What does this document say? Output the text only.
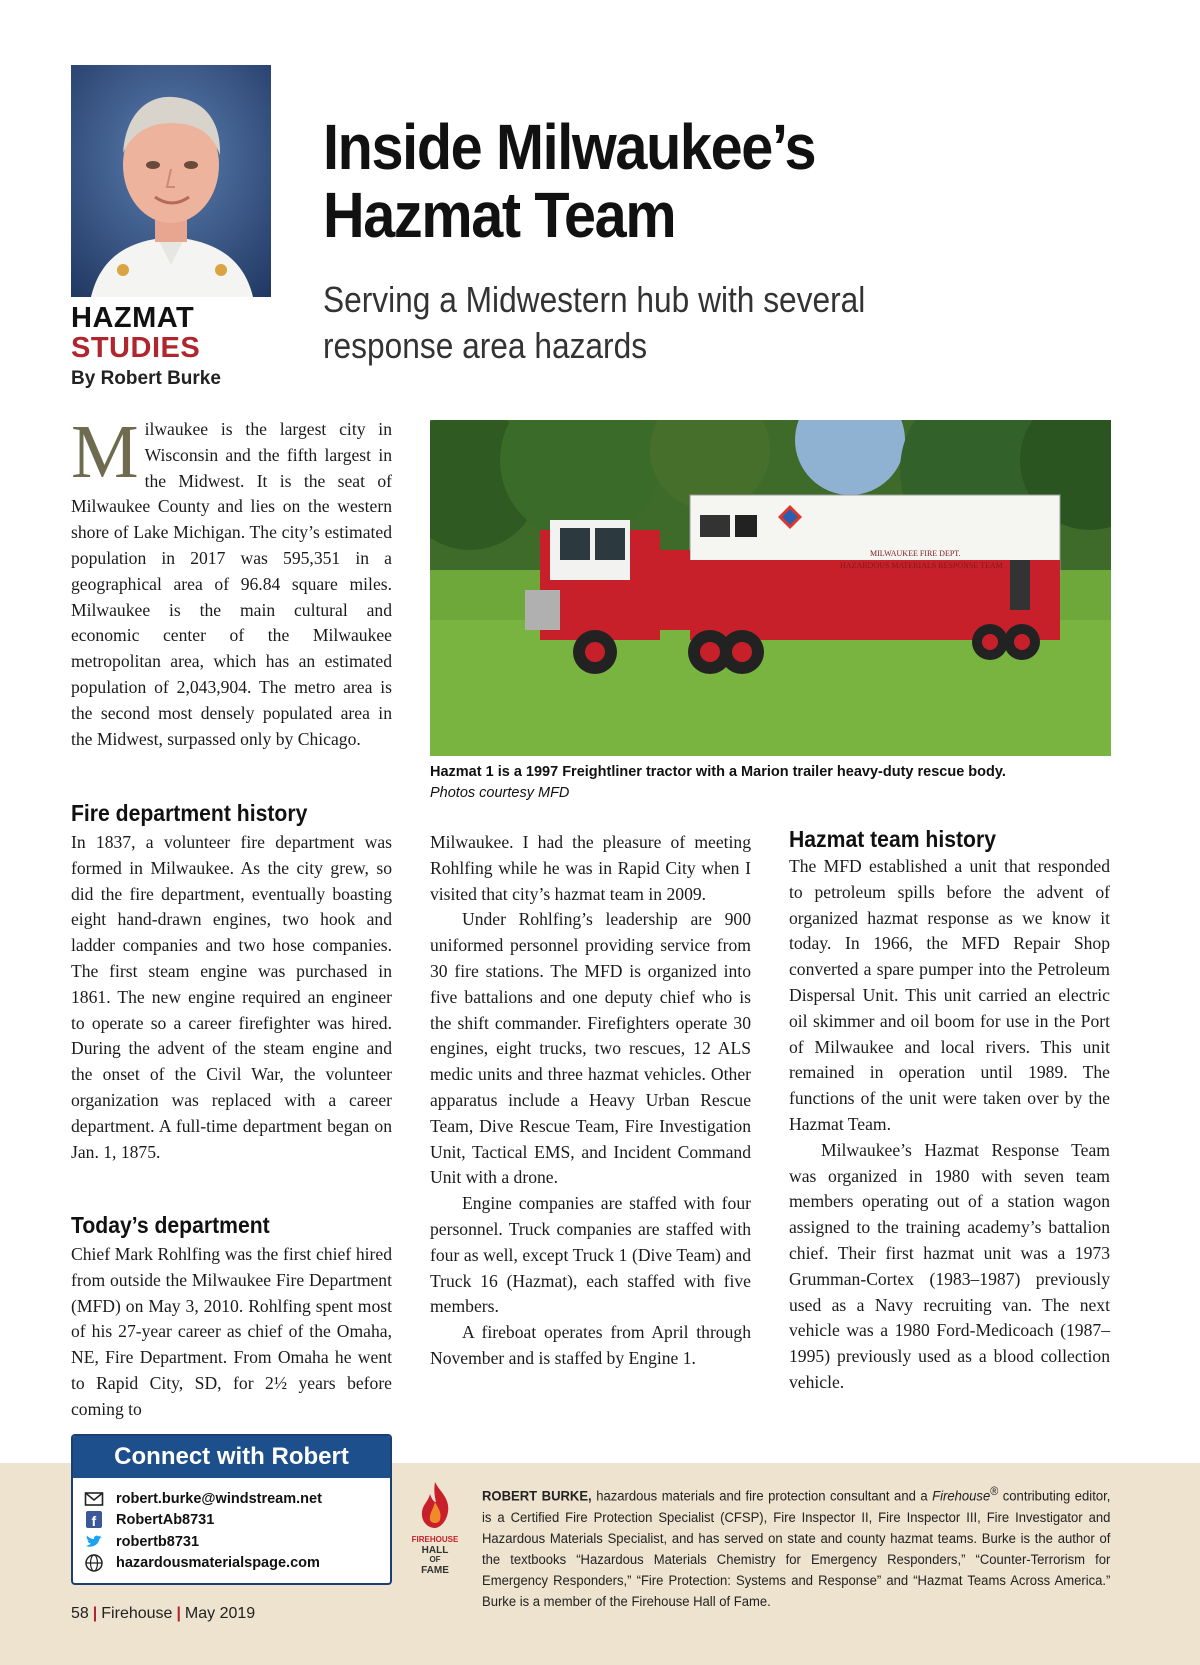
HAZMAT
STUDIES
By Robert Burke
Inside Milwaukee’s
Hazmat Team
Serving a Midwestern hub with several
response area hazards

Milwaukee is the largest city in Wisconsin and the fifth largest in the Midwest. It is the seat of Milwaukee County and lies on the western shore of Lake Michigan. The city’s estimated population in 2017 was 595,351 in a geographical area of 96.84 square miles. Milwaukee is the main cultural and economic center of the Milwaukee metropolitan area, which has an estimated population of 2,043,904. The metro area is the second most densely populated area in the Midwest, surpassed only by Chicago.

Fire department history

In 1837, a volunteer fire department was formed in Milwaukee. As the city grew, so did the fire department, eventually boasting eight hand-drawn engines, two hook and ladder companies and two hose companies. The first steam engine was purchased in 1861. The new engine required an engineer to operate so a career firefighter was hired. During the advent of the steam engine and the onset of the Civil War, the volunteer organization was replaced with a career department. A full-time department began on Jan. 1, 1875.

Today’s department

Chief Mark Rohlfing was the first chief hired from outside the Milwaukee Fire Department (MFD) on May 3, 2010. Rohlfing spent most of his 27-year career as chief of the Omaha, NE, Fire Department. From Omaha he went to Rapid City, SD, for 2½ years before coming to

MILWAUKEE FIRE DEPT.
HAZARDOUS MATERIALS RESPONSE TEAM
Hazmat 1 is a 1997 Freightliner tractor with a Marion trailer heavy-duty rescue body.
Photos courtesy MFD

Milwaukee. I had the pleasure of meeting Rohlfing while he was in Rapid City when I visited that city’s hazmat team in 2009.

Under Rohlfing’s leadership are 900 uniformed personnel providing service from 30 fire stations. The MFD is organized into five battalions and one deputy chief who is the shift commander. Firefighters operate 30 engines, eight trucks, two rescues, 12 ALS medic units and three hazmat vehicles. Other apparatus include a Heavy Urban Rescue Team, Dive Rescue Team, Fire Investigation Unit, Tactical EMS, and Incident Command Unit with a drone.

Engine companies are staffed with four personnel. Truck companies are staffed with four as well, except Truck 1 (Dive Team) and Truck 16 (Hazmat), each staffed with five members.

A fireboat operates from April through November and is staffed by Engine 1.

Hazmat team history

The MFD established a unit that responded to petroleum spills before the advent of organized hazmat response as we know it today. In 1966, the MFD Repair Shop converted a spare pumper into the Petroleum Dispersal Unit. This unit carried an electric oil skimmer and oil boom for use in the Port of Milwaukee and local rivers. This unit remained in operation until 1989. The functions of the unit were taken over by the Hazmat Team.

Milwaukee’s Hazmat Response Team was organized in 1980 with seven team members operating out of a station wagon assigned to the training academy’s battalion chief. Their first hazmat unit was a 1973 Grumman-Cortex (1983–1987) previously used as a Navy recruiting van. The next vehicle was a 1980 Ford-Medicoach (1987–1995) previously used as a blood collection vehicle.

Connect with Robert
robert.burke@windstream.net
f RobertAb8731
robertb8731
hazardousmaterialspage.com
FIREHOUSE
HALL
OF
FAME
ROBERT BURKE, hazardous materials and fire protection consultant and a Firehouse® contributing editor, is a Certified Fire Protection Specialist (CFSP), Fire Inspector II, Fire Inspector III, Fire Investigator and Hazardous Materials Specialist, and has served on state and county hazmat teams. Burke is the author of the textbooks “Hazardous Materials Chemistry for Emergency Responders,” “Counter-Terrorism for Emergency Responders,” “Fire Protection: Systems and Response” and “Hazmat Teams Across America.” Burke is a member of the Firehouse Hall of Fame.
58 | Firehouse | May 2019
